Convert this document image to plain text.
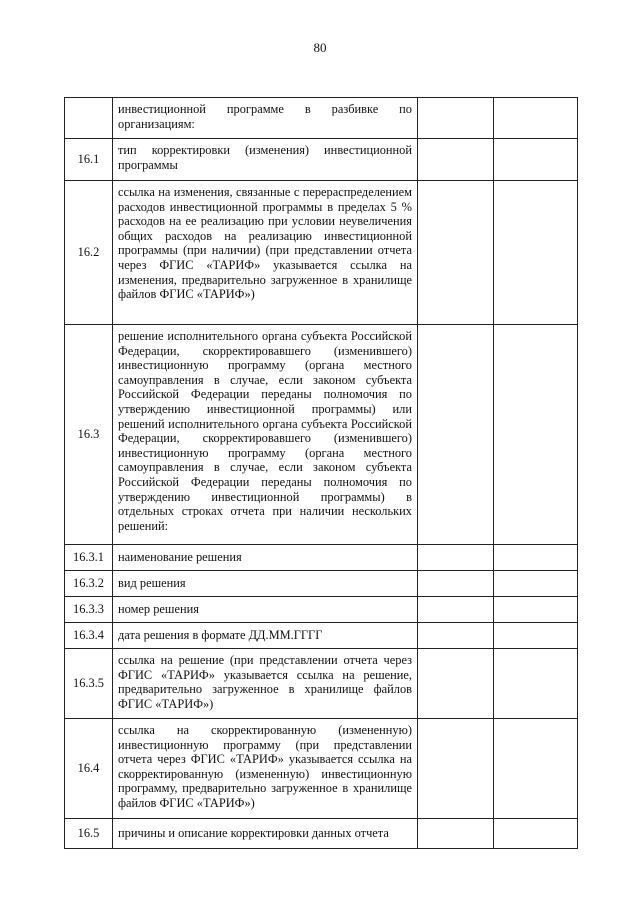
80
	инвестиционной программе в разбивке по организациям:		
16.1	тип корректировки (изменения) инвестиционной программы		
16.2	ссылка на изменения, связанные с перераспределением расходов инвестиционной программы в пределах 5 % расходов на ее реализацию при условии неувеличения общих расходов на реализацию инвестиционной программы (при наличии) (при представлении отчета через ФГИС «ТАРИФ» указывается ссылка на изменения, предварительно загруженное в хранилище файлов ФГИС «ТАРИФ»)		
16.3	решение исполнительного органа субъекта Российской Федерации, скорректировавшего (изменившего) инвестиционную программу (органа местного самоуправления в случае, если законом субъекта Российской Федерации переданы полномочия по утверждению инвестиционной программы) или решений исполнительного органа субъекта Российской Федерации, скорректировавшего (изменившего) инвестиционную программу (органа местного самоуправления в случае, если законом субъекта Российской Федерации переданы полномочия по утверждению инвестиционной программы) в отдельных строках отчета при наличии нескольких решений:		
16.3.1	наименование решения		
16.3.2	вид решения		
16.3.3	номер решения		
16.3.4	дата решения в формате ДД.ММ.ГГГГ		
16.3.5	ссылка на решение (при представлении отчета через ФГИС «ТАРИФ» указывается ссылка на решение, предварительно загруженное в хранилище файлов ФГИС «ТАРИФ»)		
16.4	ссылка на скорректированную (измененную) инвестиционную программу (при представлении отчета через ФГИС «ТАРИФ» указывается ссылка на скорректированную (измененную) инвестиционную программу, предварительно загруженное в хранилище файлов ФГИС «ТАРИФ»)		
16.5	причины и описание корректировки данных отчета		
